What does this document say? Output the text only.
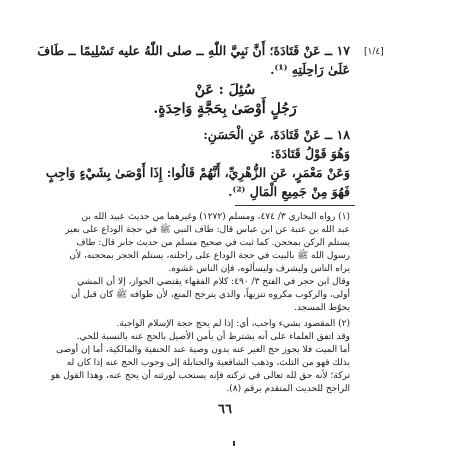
[١/٤]
١٧ ــ عَنْ قَتَادَةَ؛ أَنَّ نَبِيَّ اللّٰهِ ــ صلى اللّٰهُ عليه تَسْلِيمًا ــ طَافَ
عَلَىٰ رَاحِلَتِهِ ⁽¹⁾.
سُئِلَ : عَنْ
رَجُلٍ أَوْصَىٰ بِحَجَّةٍ وَاحِدَةٍ.
١٨ ــ عَنْ قَتَادَةَ، عَنِ الْحَسَنِ:
وَهُوَ قَوْلُ قَتَادَةَ:
وَعَنْ مَعْمَرٍ، عَنِ الزُّهْرِيِّ، أَنَّهُمْ قَالُوا: إِذَا أَوْصَىٰ بِشَيْءٍ وَاجِبٍ
فَهُوَ مِنْ جَمِيعِ الْمَالِ ⁽²⁾.
(١) رواه البخاري ٣/ ٤٧٤، ومسلم (١٢٧٢) وغيرهما من حديث عبيد الله بن
عبد الله بن عتبة عن ابن عباس قال: طاف النبي ﷺ في حجة الوداع على بعير
يستلم الركن بمحجن. كما ثبت في صحيح مسلم من حديث جابر قال: طاف
رسول الله ﷺ بالبيت في حجة الوداع على راحلته، يستلم الحجر بمحجنه، لأن
يراه الناس وليشرف وليسألوه، فإن الناس غشوه.
وقال ابن حجر في الفتح ٣/ ٤٩٠: كلام الفقهاء يقتضي الجواز، إلا أن المشي
أولى، والركوب مكروه تنزيهاً، والذي يترجح المنع، لأن طوافه ﷺ كان قبل أن
يحوّط المسجد.
(٢) المقصود بشيء واجب، أي: إذا لم يحج حجة الإسلام الواجبة.
وقد اتفق العلماء على أنه يشترط أن يأمن الأصيل بالحج عنه بالنسبة للحي.
أما الميت فلا يجوز حج الغير عنه بدون وصية عند الحنفية والمالكية، أما إن أوصى
بذلك فهو من الثلث، وذهب الشافعية والحنابلة إلى وجوب الحج عنه إذا كان له
تركة؛ لأنه حق لله تعالى في تركته فإنه يستحب لورثته أن يحج عنه، وهذا القول هو
الراجح للحديث المتقدم برقم (٨).
٦٦
